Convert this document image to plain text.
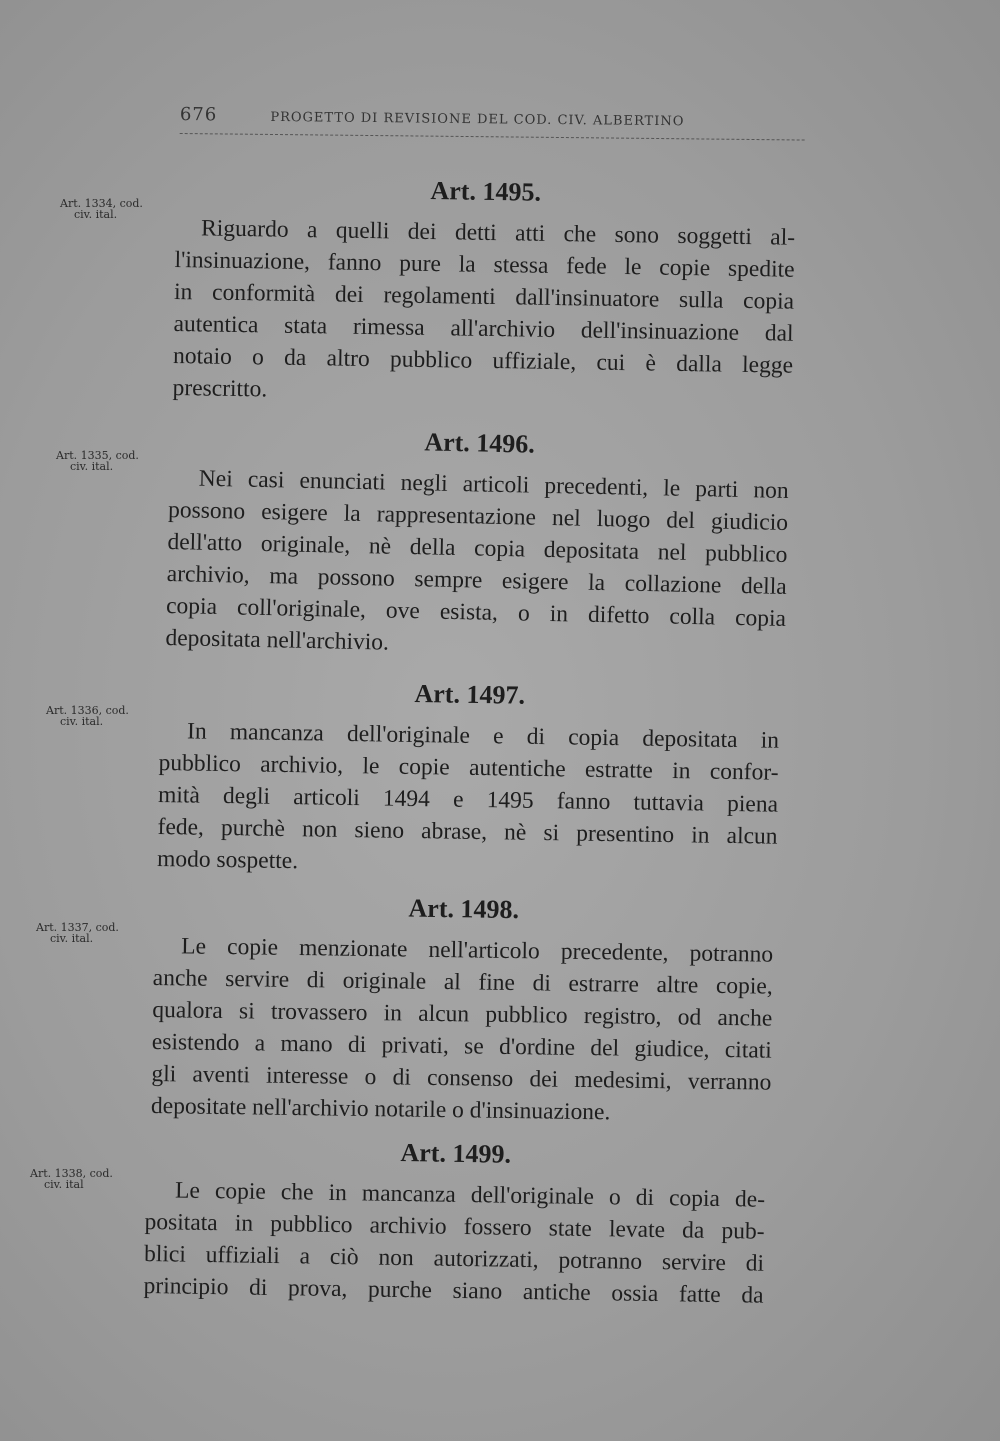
676	PROGETTO DI REVISIONE DEL COD. CIV. ALBERTINO
Art. 1334, cod.
civ. ital.
Art. 1495.

Riguardo a quelli dei detti atti che sono soggetti al-
l'insinuazione, fanno pure la stessa fede le copie spedite
in conformità dei regolamenti dall'insinuatore sulla copia
autentica stata rimessa all'archivio dell'insinuazione dal
notaio o da altro pubblico uffiziale, cui è dalla legge
prescritto.

Art. 1335, cod.
civ. ital.
Art. 1496.

Nei casi enunciati negli articoli precedenti, le parti non
possono esigere la rappresentazione nel luogo del giudicio
dell'atto originale, nè della copia depositata nel pubblico
archivio, ma possono sempre esigere la collazione della
copia coll'originale, ove esista, o in difetto colla copia
depositata nell'archivio.

Art. 1336, cod.
civ. ital.
Art. 1497.

In mancanza dell'originale e di copia depositata in
pubblico archivio, le copie autentiche estratte in confor-
mità degli articoli 1494 e 1495 fanno tuttavia piena
fede, purchè non sieno abrase, nè si presentino in alcun
modo sospette.

Art. 1337, cod.
civ. ital.
Art. 1498.

Le copie menzionate nell'articolo precedente, potranno
anche servire di originale al fine di estrarre altre copie,
qualora si trovassero in alcun pubblico registro, od anche
esistendo a mano di privati, se d'ordine del giudice, citati
gli aventi interesse o di consenso dei medesimi, verranno
depositate nell'archivio notarile o d'insinuazione.

Art. 1338, cod.
civ. ital
Art. 1499.

Le copie che in mancanza dell'originale o di copia de-
positata in pubblico archivio fossero state levate da pub-
blici uffiziali a ciò non autorizzati, potranno servire di
principio di prova, purche siano antiche ossia fatte da
